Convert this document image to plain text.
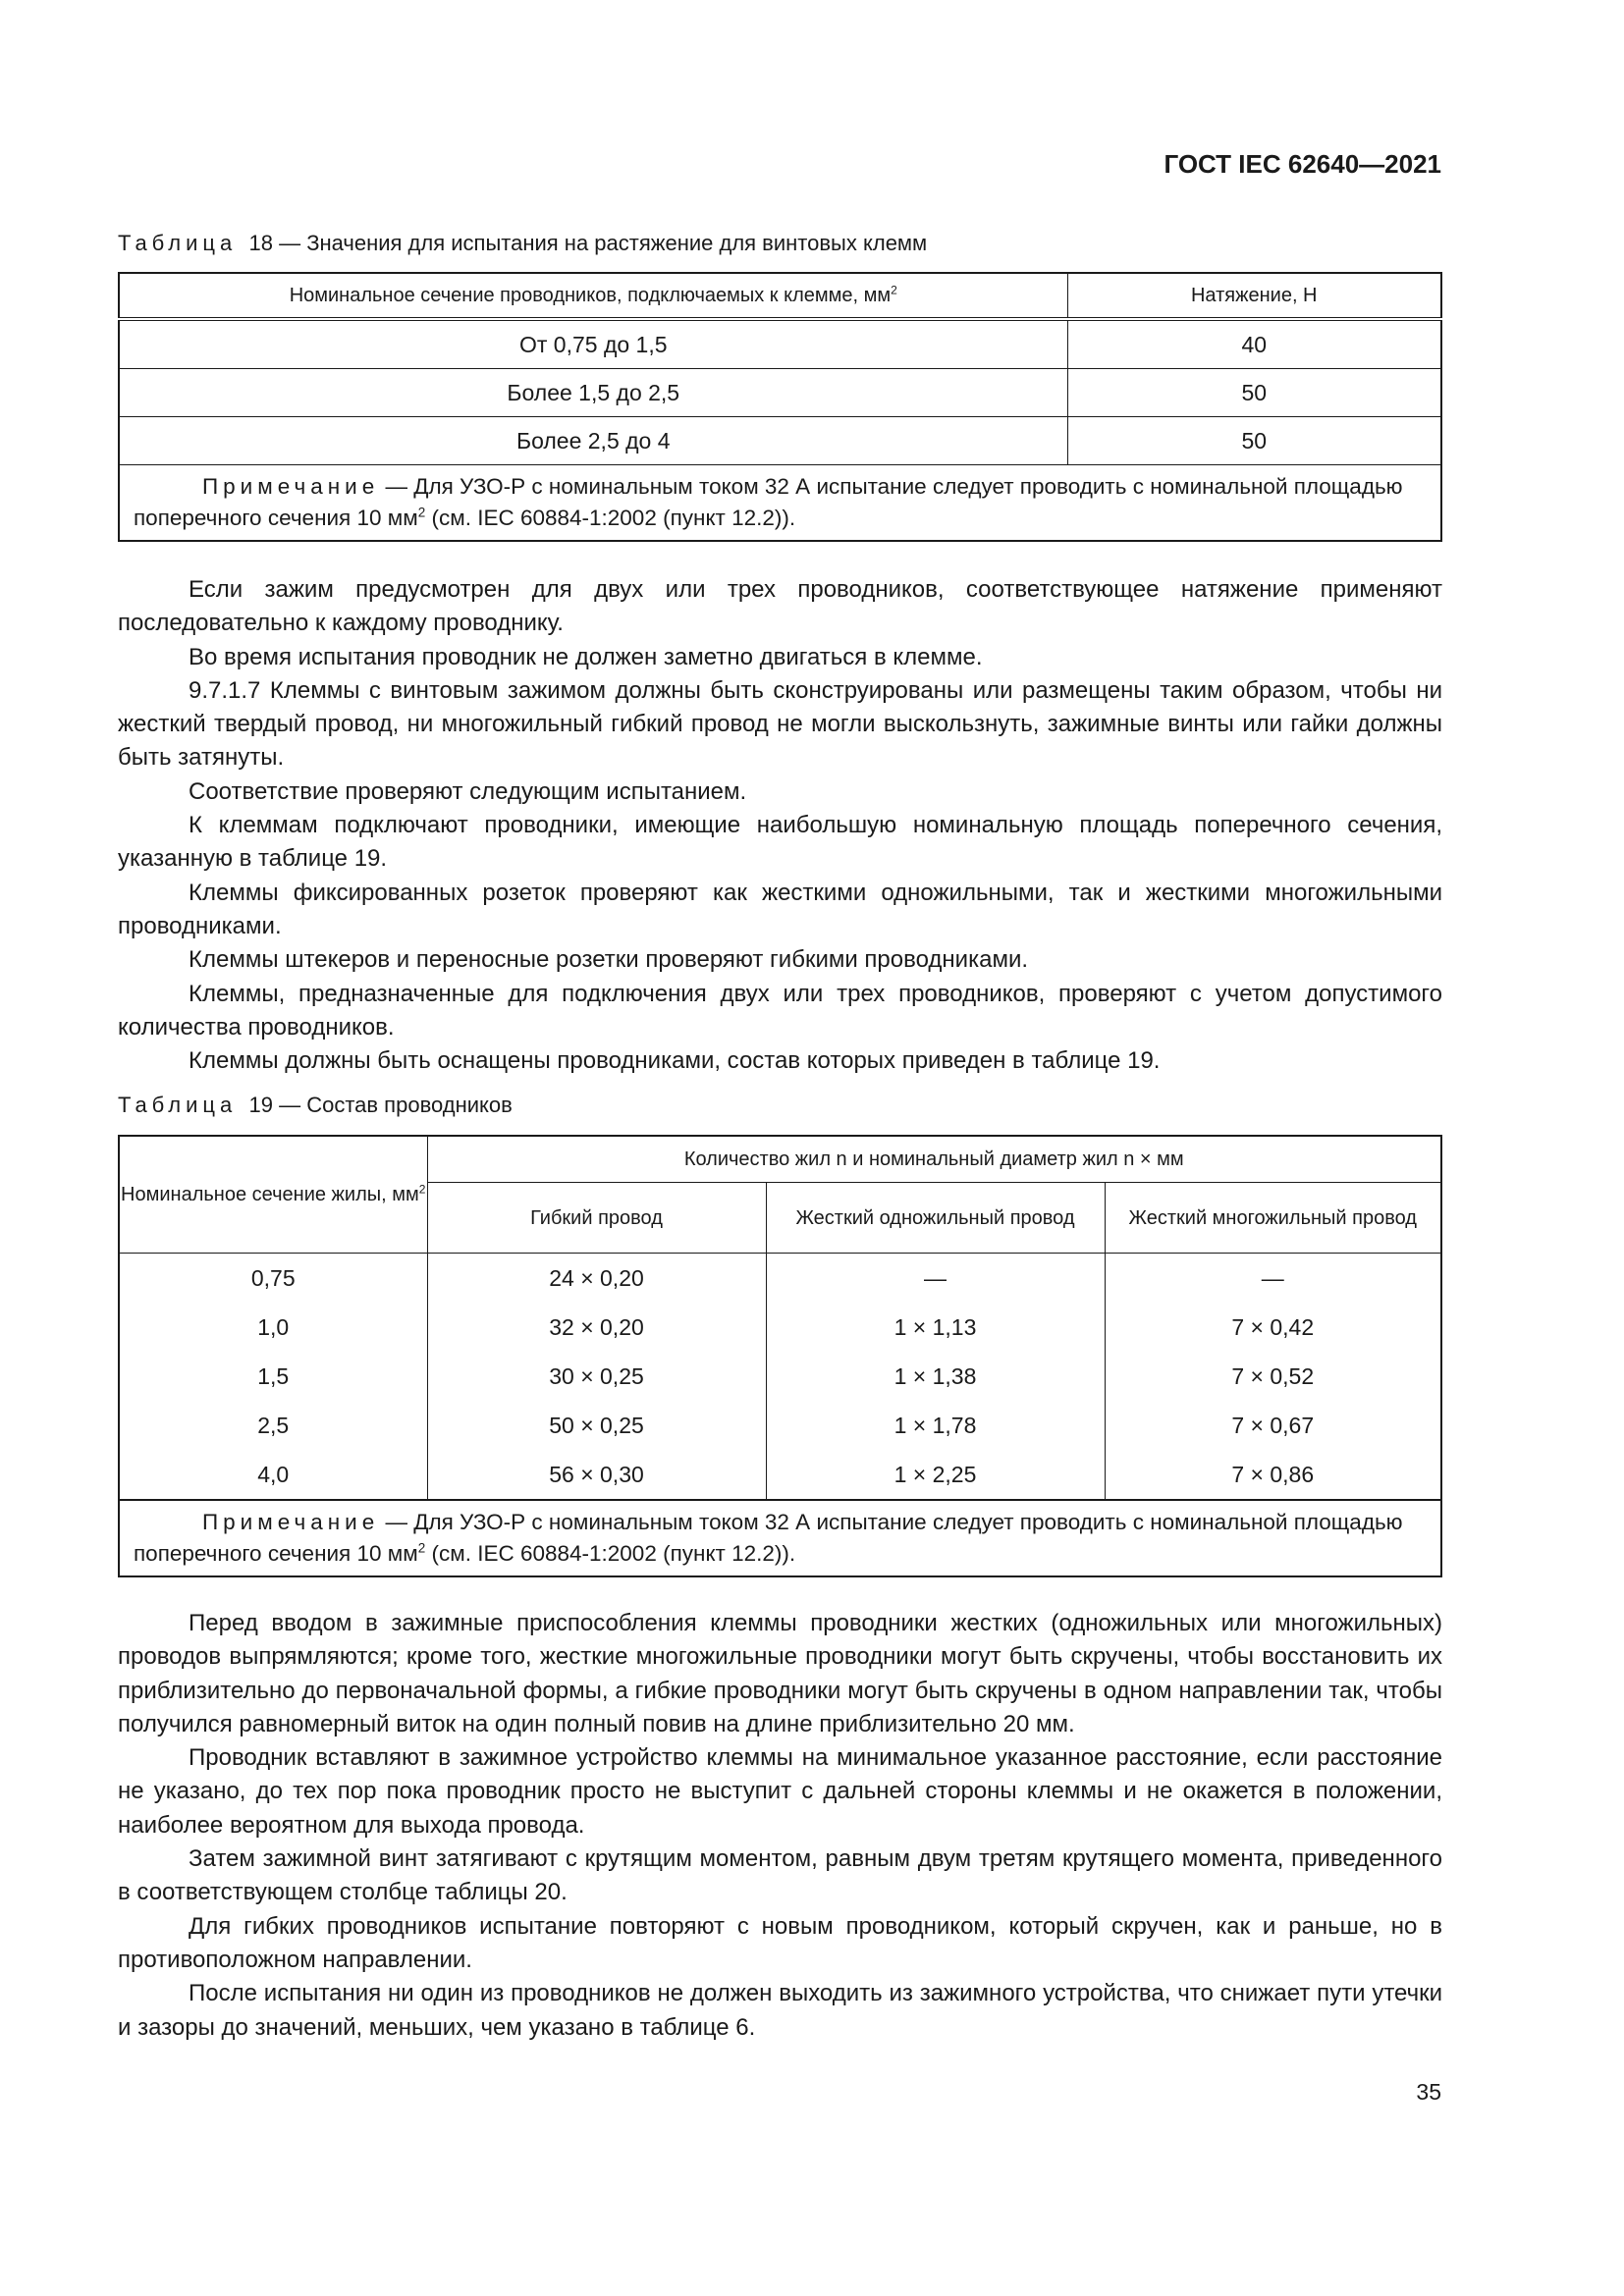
ГОСТ IEC 62640—2021
Таблица 18 — Значения для испытания на растяжение для винтовых клемм
Номинальное сечение проводников, подключаемых к клемме, $мм^2$	Натяжение, Н
От 0,75 до 1,5	40
Более 1,5 до 2,5	50
Более 2,5 до 4	50
Примечание — Для УЗО-Р с номинальным током 32 А испытание следует проводить с номинальной площадью поперечного сечения 10 $мм^2$ (см. IEC 60884-1:2002 (пункт 12.2)).	

Если зажим предусмотрен для двух или трех проводников, соответствующее натяжение применяют последовательно к каждому проводнику.

Во время испытания проводник не должен заметно двигаться в клемме.

9.7.1.7 Клеммы с винтовым зажимом должны быть сконструированы или размещены таким образом, чтобы ни жесткий твердый провод, ни многожильный гибкий провод не могли выскользнуть, зажимные винты или гайки должны быть затянуты.

Соответствие проверяют следующим испытанием.

К клеммам подключают проводники, имеющие наибольшую номинальную площадь поперечного сечения, указанную в таблице 19.

Клеммы фиксированных розеток проверяют как жесткими одножильными, так и жесткими многожильными проводниками.

Клеммы штекеров и переносные розетки проверяют гибкими проводниками.

Клеммы, предназначенные для подключения двух или трех проводников, проверяют с учетом допустимого количества проводников.

Клеммы должны быть оснащены проводниками, состав которых приведен в таблице 19.

Таблица 19 — Состав проводников
Номинальное сечение жилы, $мм^2$	Количество жил n и номинальный диаметр жил n × мм		
	Гибкий провод	Жесткий одножильный провод	Жесткий многожильный провод
0,75	24 × 0,20	—	—
1,0	32 × 0,20	1 × 1,13	7 × 0,42
1,5	30 × 0,25	1 × 1,38	7 × 0,52
2,5	50 × 0,25	1 × 1,78	7 × 0,67
4,0	56 × 0,30	1 × 2,25	7 × 0,86
Примечание — Для УЗО-Р с номинальным током 32 А испытание следует проводить с номинальной площадью поперечного сечения 10 $мм^2$ (см. IEC 60884-1:2002 (пункт 12.2)).			

Перед вводом в зажимные приспособления клеммы проводники жестких (одножильных или многожильных) проводов выпрямляются; кроме того, жесткие многожильные проводники могут быть скручены, чтобы восстановить их приблизительно до первоначальной формы, а гибкие проводники могут быть скручены в одном направлении так, чтобы получился равномерный виток на один полный повив на длине приблизительно 20 мм.

Проводник вставляют в зажимное устройство клеммы на минимальное указанное расстояние, если расстояние не указано, до тех пор пока проводник просто не выступит с дальней стороны клеммы и не окажется в положении, наиболее вероятном для выхода провода.

Затем зажимной винт затягивают с крутящим моментом, равным двум третям крутящего момента, приведенного в соответствующем столбце таблицы 20.

Для гибких проводников испытание повторяют с новым проводником, который скручен, как и раньше, но в противоположном направлении.

После испытания ни один из проводников не должен выходить из зажимного устройства, что снижает пути утечки и зазоры до значений, меньших, чем указано в таблице 6.

35
